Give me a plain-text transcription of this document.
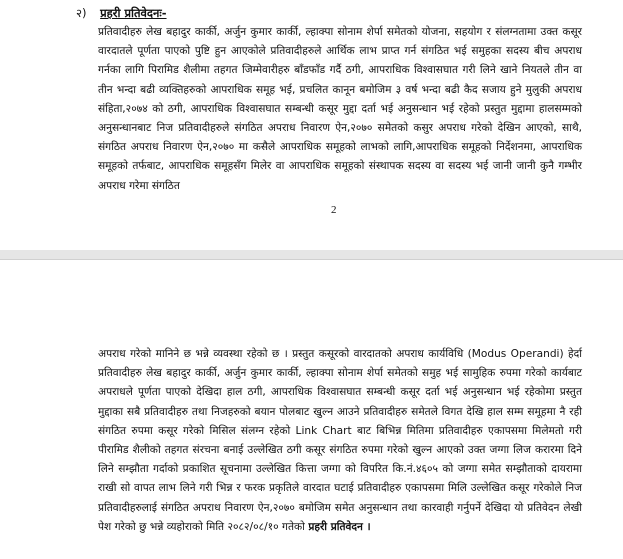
२) प्रहरी प्रतिवेदनः-

प्रतिवादीहरु लेख बहादुर कार्की, अर्जुन कुमार कार्की, ल्हाक्पा सोनाम शेर्पा समेतको योजना, सहयोग र संलग्नतामा उक्त कसूर वारदातले पूर्णता पाएको पुष्टि हुन आएकोले प्रतिवादीहरुले आर्थिक लाभ प्राप्त गर्न संगठित भई समुहका सदस्य बीच अपराध गर्नका लागि पिरामिड शैलीमा तहगत जिम्मेवारीहरु बाँडफाँड गर्दै ठगी, आपराधिक विश्वासघात गरी लिने खाने नियतले तीन वा तीन भन्दा बढी व्यक्तिहरुको आपराधिक समूह भई, प्रचलित कानून बमोजिम ३ वर्ष भन्दा बढी कैद सजाय हुने मुलुकी अपराध संहिता,२०७४ को ठगी, आपराधिक विश्वासघात सम्बन्धी कसूर मुद्दा दर्ता भई अनुसन्धान भई रहेको प्रस्तुत मुद्दामा हालसम्मको अनुसन्धानबाट निज प्रतिवादीहरुले संगठित अपराध निवारण ऐन,२०७० समेतको कसुर अपराध गरेको देखिन आएको, साथै, संगठित अपराध निवारण ऐन,२०७० मा कसैले आपराधिक समूहको लाभको लागि,आपराधिक समूहको निर्देशनमा, आपराधिक समूहको तर्फबाट, आपराधिक समूहसँग मिलेर वा आपराधिक समूहको संस्थापक सदस्य वा सदस्य भई जानी जानी कुनै गम्भीर अपराध गरेमा संगठित

2

अपराध गरेको मानिने छ भन्ने व्यवस्था रहेको छ । प्रस्तुत कसूरको वारदातको अपराध कार्यविधि (Modus Operandi) हेर्दा प्रतिवादीहरु लेख बहादुर कार्की, अर्जुन कुमार कार्की, ल्हाक्पा सोनाम शेर्पा समेतको समुह भई सामुहिक रुपमा गरेको कार्यबाट अपराधले पूर्णता पाएको देखिदा हाल ठगी, आपराधिक विश्वासघात सम्बन्धी कसूर दर्ता भई अनुसन्धान भई रहेकोमा प्रस्तुत मुद्दाका सबै प्रतिवादीहरु तथा निजहरुको बयान पोलबाट खुल्न आउने प्रतिवादीहरु समेतले विगत देखि हाल सम्म समूहमा नै रही संगठित रुपमा कसूर गरेको मिसिल संलग्न रहेको Link Chart बाट बिभिन्न मितिमा प्रतिवादीहरु एकापसमा मिलेमतो गरी पीरामिड शैलीको तहगत संरचना बनाई उल्लेखित ठगी कसूर संगठित रुपमा गरेको खुल्न आएको उक्त जग्गा लिज करारमा दिने लिने सम्झौता गर्दाको प्रकाशित सूचनामा उल्लेखित कित्ता जग्गा को विपरित कि.नं.४६०५ को जग्गा समेत सम्झौताको दायरामा राखी सो वापत लाभ लिने गरी भिन्न र फरक प्रकृतिले वारदात घटाई प्रतिवादीहरु एकापसमा मिलि उल्लेखित कसूर गरेकोले निज प्रतिवादीहरुलाई संगठित अपराध निवारण ऐन,२०७० बमोजिम समेत अनुसन्धान तथा कारवाही गर्नुपर्ने देखिदा यो प्रतिवेदन लेखी पेश गरेको छु भन्ने व्यहोराको मिति २०८२/०८/१० गतेको प्रहरी प्रतिवेदन ।
